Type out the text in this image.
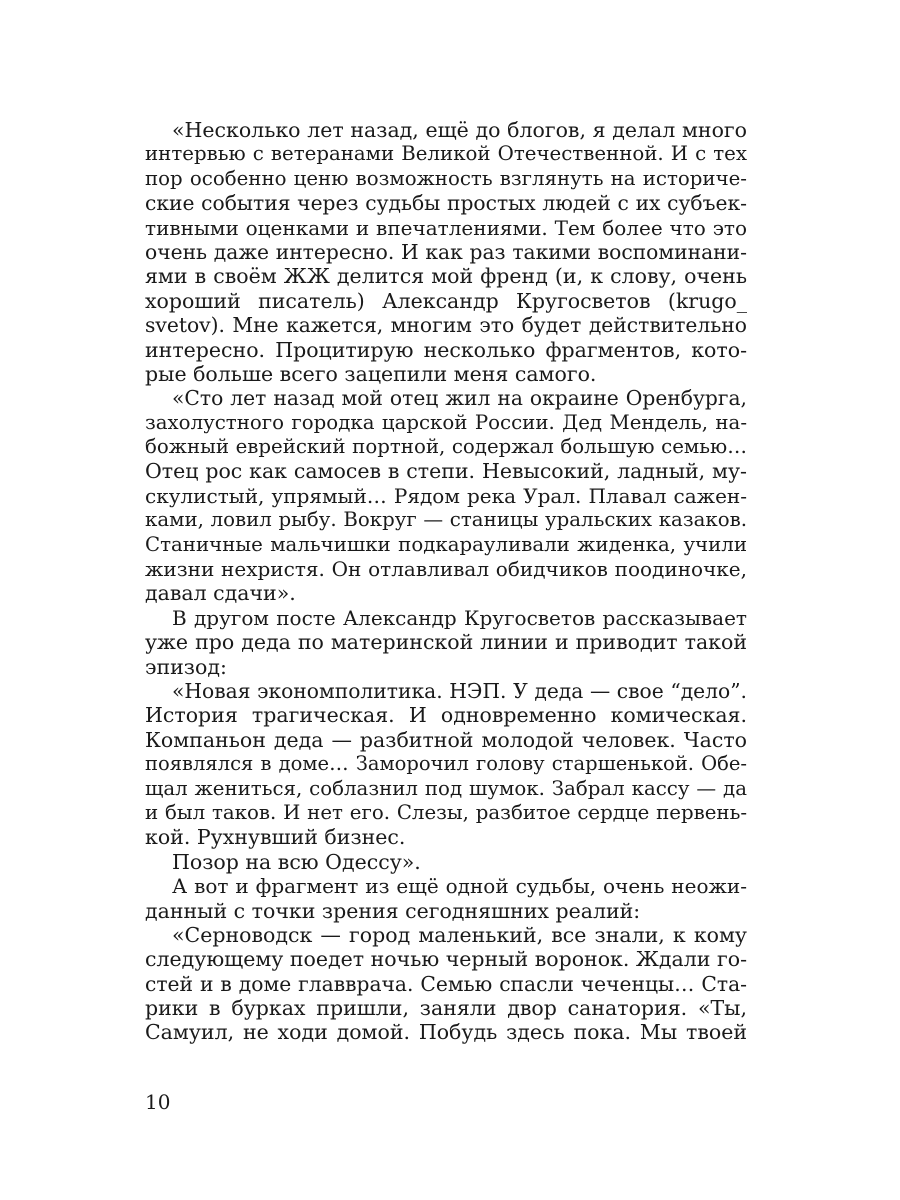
«Несколько лет назад, ещё до блогов, я делал много
интервью с ветеранами Великой Отечественной. И с тех
пор особенно ценю возможность взглянуть на историче-
ские события через судьбы простых людей с их субъек-
тивными оценками и впечатлениями. Тем более что это
очень даже интересно. И как раз такими воспоминани-
ями в своём ЖЖ делится мой френд (и, к слову, очень
хороший писатель) Александр Кругосветов (krugo_
svetov). Мне кажется, многим это будет действительно
интересно. Процитирую несколько фрагментов, кото-
рые больше всего зацепили меня самого.
«Сто лет назад мой отец жил на окраине Оренбурга,
захолустного городка царской России. Дед Мендель, на-
божный еврейский портной, содержал большую семью…
Отец рос как самосев в степи. Невысокий, ладный, му-
скулистый, упрямый… Рядом река Урал. Плавал сажен-
ками, ловил рыбу. Вокруг — станицы уральских казаков.
Станичные мальчишки подкарауливали жиденка, учили
жизни нехристя. Он отлавливал обидчиков поодиночке,
давал сдачи».
В другом посте Александр Кругосветов рассказывает
уже про деда по материнской линии и приводит такой
эпизод:
«Новая экономполитика. НЭП. У деда — свое “дело”.
История трагическая. И одновременно комическая.
Компаньон деда — разбитной молодой человек. Часто
появлялся в доме… Заморочил голову старшенькой. Обе-
щал жениться, соблазнил под шумок. Забрал кассу — да
и был таков. И нет его. Слезы, разбитое сердце первень-
кой. Рухнувший бизнес.
Позор на всю Одессу».
А вот и фрагмент из ещё одной судьбы, очень неожи-
данный с точки зрения сегодняшних реалий:
«Серноводск — город маленький, все знали, к кому
следующему поедет ночью черный воронок. Ждали го-
стей и в доме главврача. Семью спасли чеченцы… Ста-
рики в бурках пришли, заняли двор санатория. «Ты,
Самуил, не ходи домой. Побудь здесь пока. Мы твоей
10
